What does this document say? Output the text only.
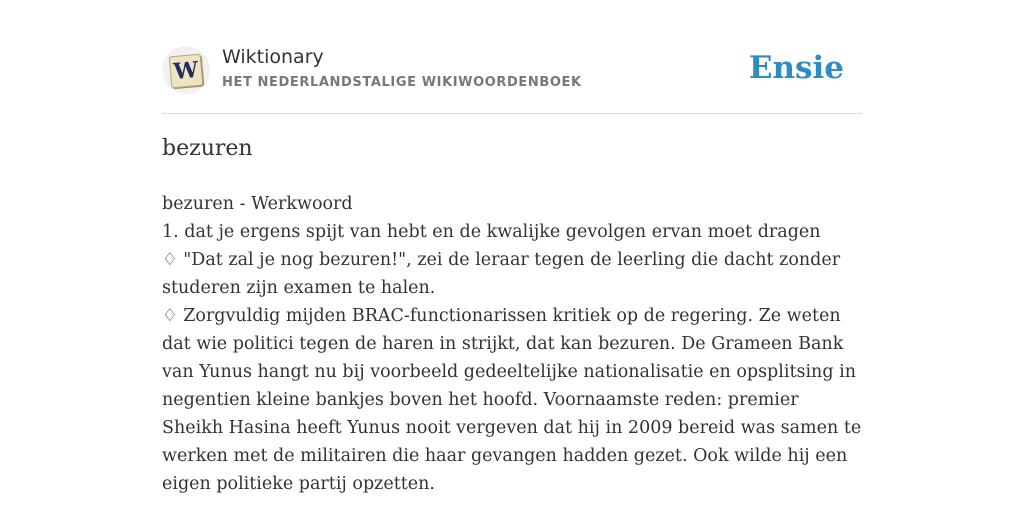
W Wiktionary
HET NEDERLANDSTALIGE WIKIWOORDENBOEK	Ensie
bezuren

bezuren - Werkwoord

1. dat je ergens spijt van hebt en de kwalijke gevolgen ervan moet dragen

♢ "Dat zal je nog bezuren!", zei de leraar tegen de leerling die dacht zonder studeren zijn examen te halen.

♢ Zorgvuldig mijden BRAC-functionarissen kritiek op de regering. Ze weten dat wie politici tegen de haren in strijkt, dat kan bezuren. De Grameen Bank van Yunus hangt nu bij voorbeeld gedeeltelijke nationalisatie en opsplitsing in negentien kleine bankjes boven het hoofd. Voornaamste reden: premier Sheikh Hasina heeft Yunus nooit vergeven dat hij in 2009 bereid was samen te werken met de militairen die haar gevangen hadden gezet. Ook wilde hij een eigen politieke partij opzetten.
